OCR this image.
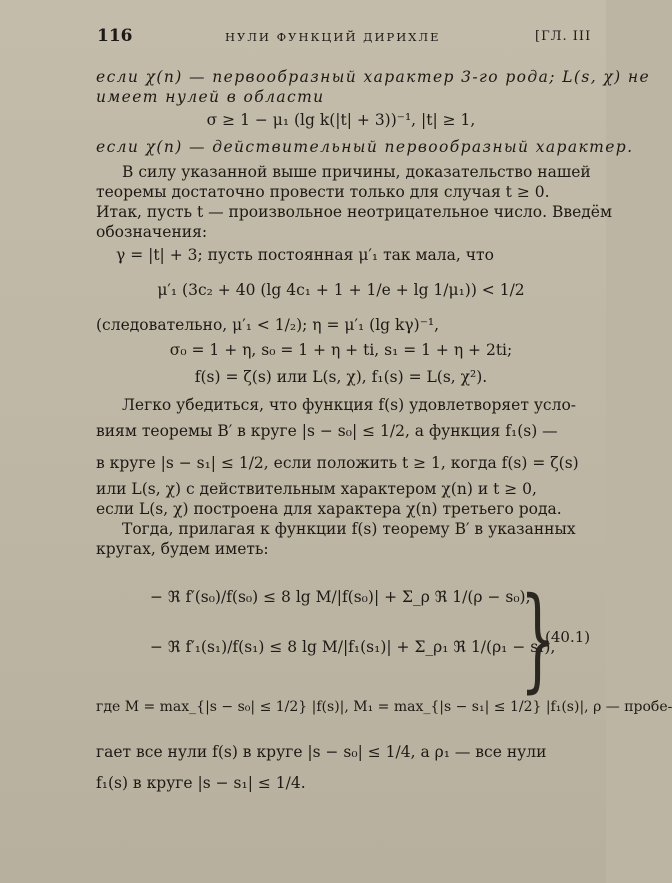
116	НУЛИ ФУНКЦИЙ ДИРИХЛЕ	[ГЛ. III
если χ(n) — первообразный характер 3-го рода; L(s, χ) не
имеет нулей в области
σ ≥ 1 − μ₁ (lg k(|t| + 3))⁻¹, |t| ≥ 1,
если χ(n) — действительный первообразный характер.
В силу указанной выше причины, доказательство нашей
теоремы достаточно провести только для случая t ≥ 0.
Итак, пусть t — произвольное неотрицательное число. Введём
обозначения:
γ = |t| + 3; пусть постоянная μ′₁ так мала, что
μ′₁ (3c₂ + 40 (lg 4c₁ + 1 + 1/e + lg 1/μ₁)) < 1/2
(следовательно, μ′₁ < 1/₂); η = μ′₁ (lg kγ)⁻¹,
σ₀ = 1 + η, s₀ = 1 + η + ti, s₁ = 1 + η + 2ti;
f(s) = ζ(s) или L(s, χ), f₁(s) = L(s, χ²).
Легко убедиться, что функция f(s) удовлетворяет усло-
виям теоремы B′ в круге |s − s₀| ≤ 1/2, а функция f₁(s) —
в круге |s − s₁| ≤ 1/2, если положить t ≥ 1, когда f(s) = ζ(s)
или L(s, χ) с действительным характером χ(n) и t ≥ 0,
если L(s, χ) построена для характера χ(n) третьего рода.
Тогда, прилагая к функции f(s) теорему B′ в указанных
кругах, будем иметь:
− ℜ f′(s₀)/f(s₀) ≤ 8 lg M/|f(s₀)| + Σ_ρ ℜ 1/(ρ − s₀),
− ℜ f′₁(s₁)/f(s₁) ≤ 8 lg M/|f₁(s₁)| + Σ_ρ₁ ℜ 1/(ρ₁ − s₁),
}
(40.1)
где M = max_{|s − s₀| ≤ 1/2} |f(s)|, M₁ = max_{|s − s₁| ≤ 1/2} |f₁(s)|, ρ — пробе-
гает все нули f(s) в круге |s − s₀| ≤ 1/4, а ρ₁ — все нули
f₁(s) в круге |s − s₁| ≤ 1/4.
